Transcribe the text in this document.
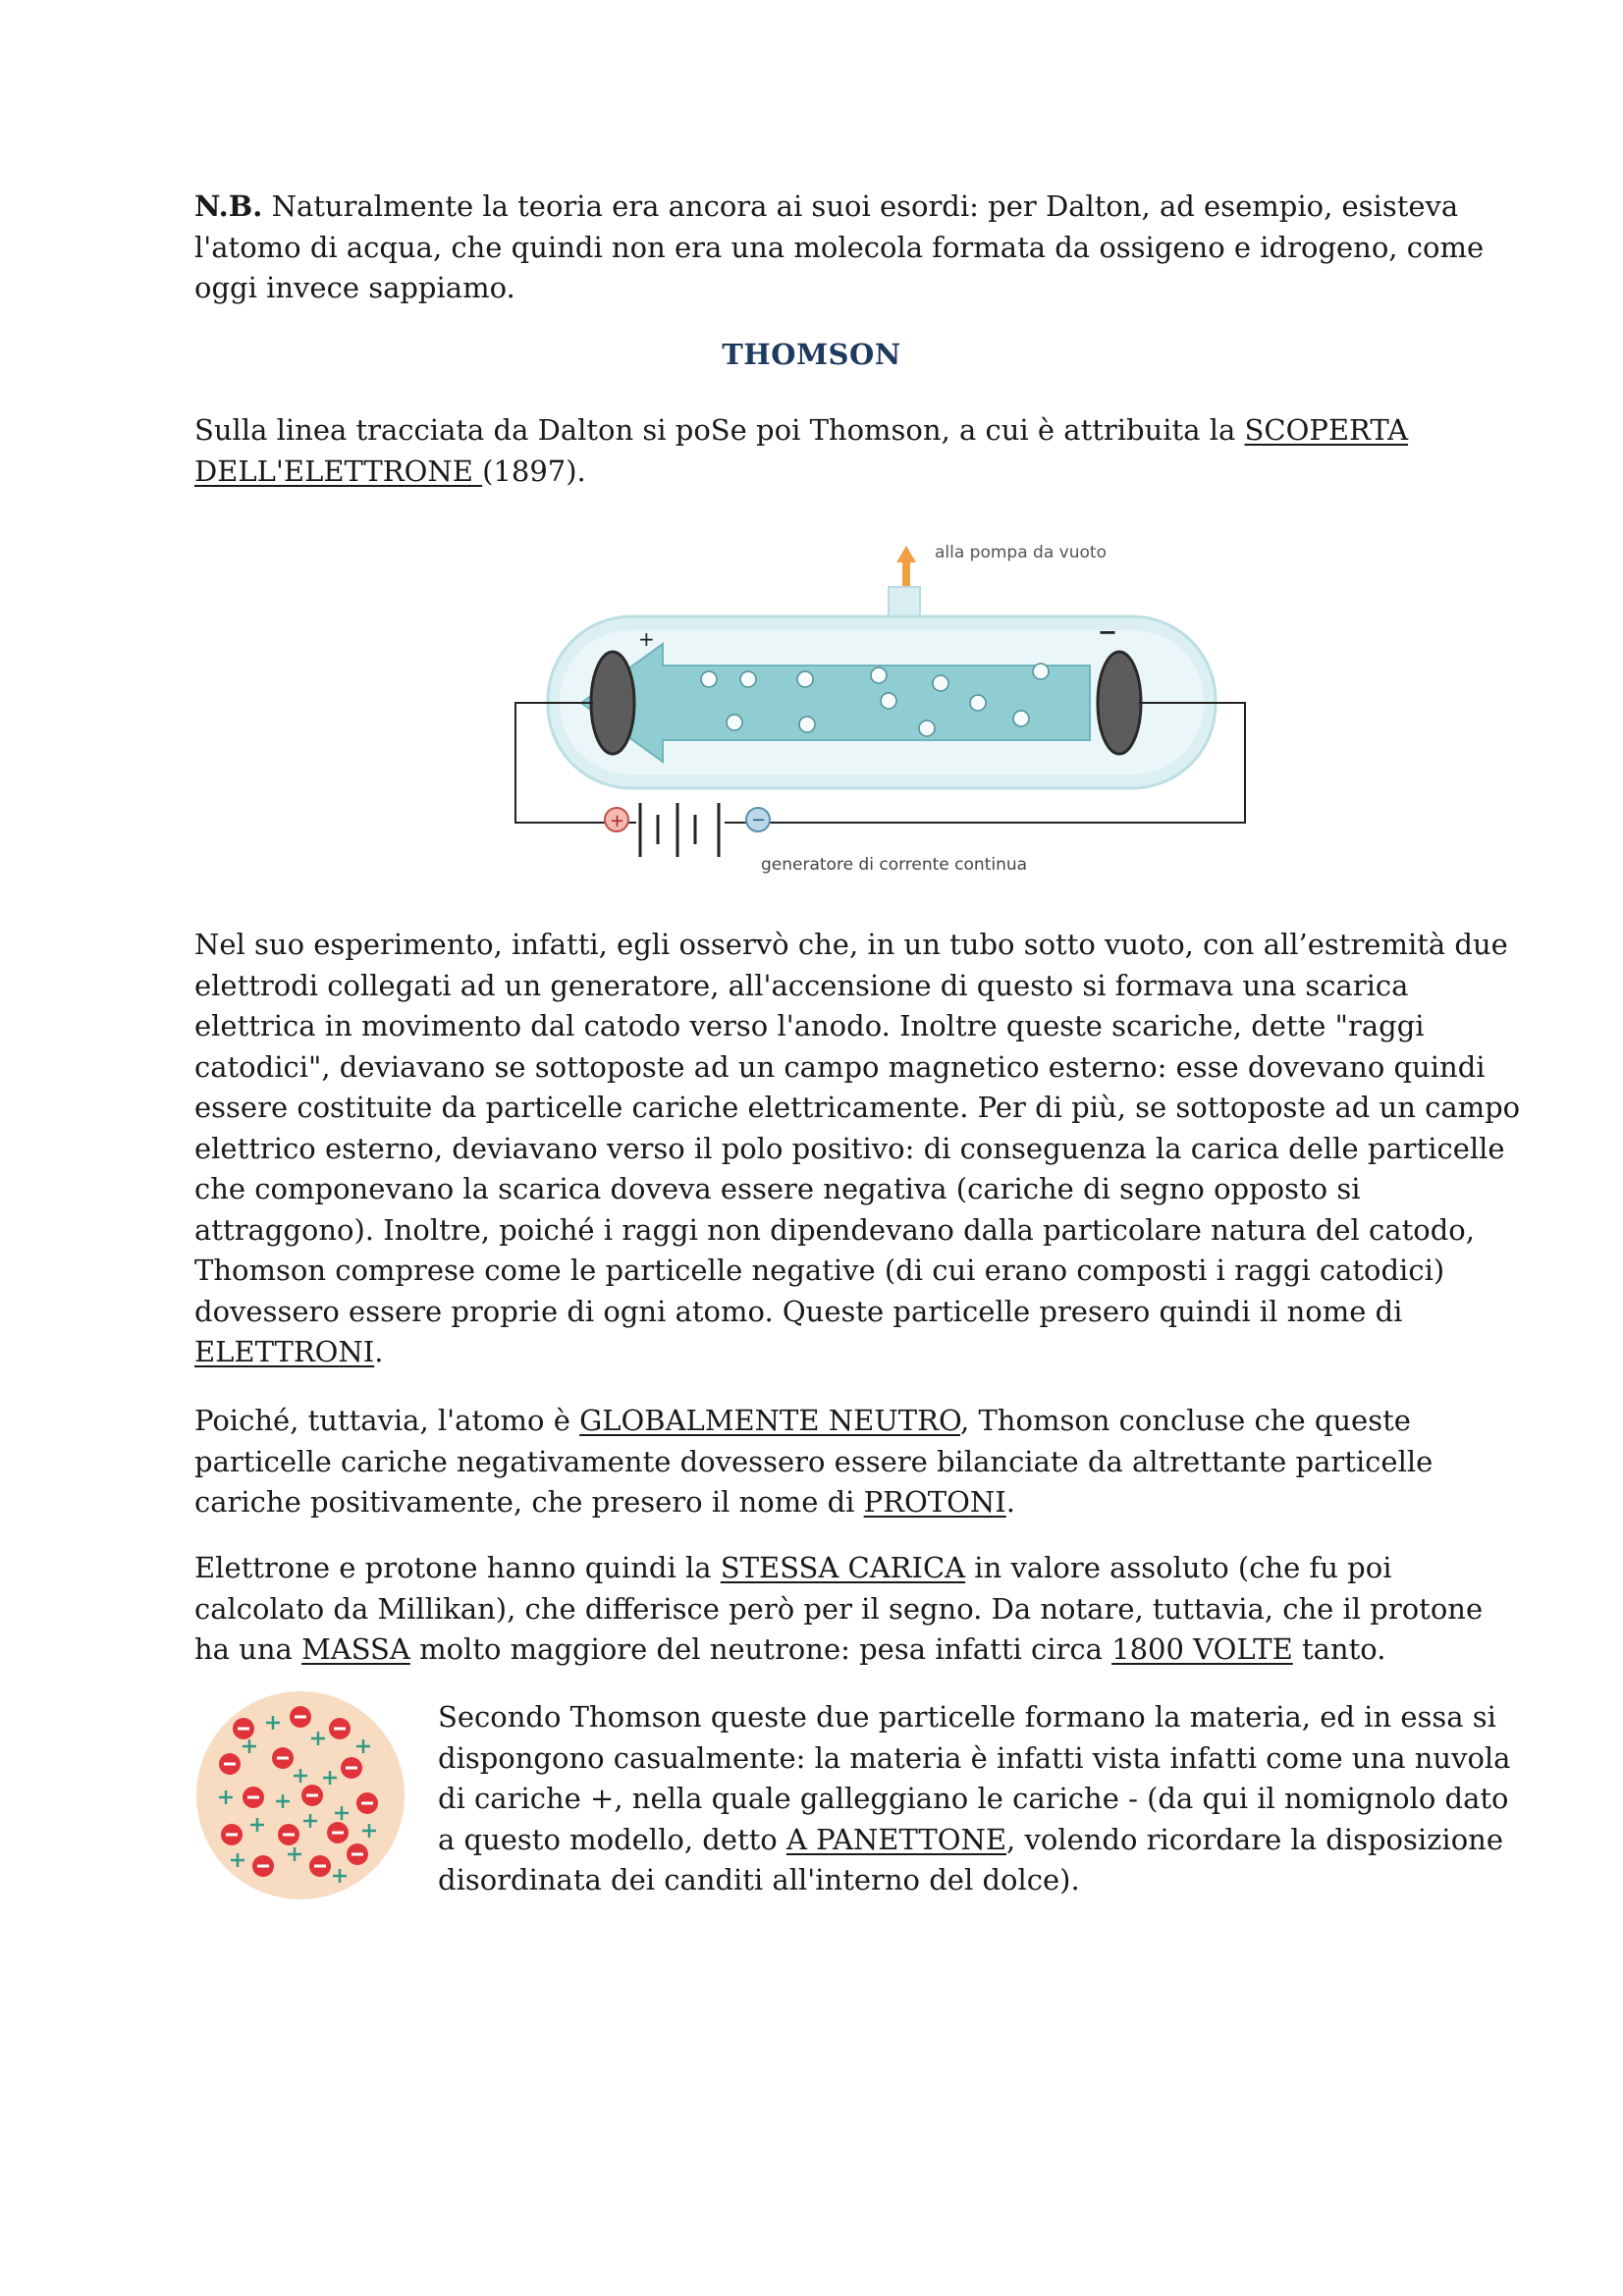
N.B. Naturalmente la teoria era ancora ai suoi esordi: per Dalton, ad esempio, esisteva l'atomo di acqua, che quindi non era una molecola formata da ossigeno e idrogeno, come oggi invece sappiamo.

THOMSON

Sulla linea tracciata da Dalton si poSe poi Thomson, a cui è attribuita la SCOPERTA DELL'ELETTRONE (1897).

alla pompa da vuoto
+	−
+	−
generatore di corrente continua

Nel suo esperimento, infatti, egli osservò che, in un tubo sotto vuoto, con all’estremità due elettrodi collegati ad un generatore, all'accensione di questo si formava una scarica elettrica in movimento dal catodo verso l'anodo. Inoltre queste scariche, dette "raggi catodici", deviavano se sottoposte ad un campo magnetico esterno: esse dovevano quindi essere costituite da particelle cariche elettricamente. Per di più, se sottoposte ad un campo elettrico esterno, deviavano verso il polo positivo: di conseguenza la carica delle particelle che componevano la scarica doveva essere negativa (cariche di segno opposto si attraggono). Inoltre, poiché i raggi non dipendevano dalla particolare natura del catodo, Thomson comprese come le particelle negative (di cui erano composti i raggi catodici) dovessero essere proprie di ogni atomo. Queste particelle presero quindi il nome di ELETTRONI.

Poiché, tuttavia, l'atomo è GLOBALMENTE NEUTRO, Thomson concluse che queste particelle cariche negativamente dovessero essere bilanciate da altrettante particelle cariche positivamente, che presero il nome di PROTONI.

Elettrone e protone hanno quindi la STESSA CARICA in valore assoluto (che fu poi calcolato da Millikan), che differisce però per il segno. Da notare, tuttavia, che il protone ha una MASSA molto maggiore del neutrone: pesa infatti circa 1800 VOLTE tanto.

Secondo Thomson queste due particelle formano la materia, ed in essa si dispongono casualmente: la materia è infatti vista infatti come una nuvola di cariche +, nella quale galleggiano le cariche - (da qui il nomignolo dato a questo modello, detto A PANETTONE, volendo ricordare la disposizione disordinata dei canditi all'interno del dolce).
